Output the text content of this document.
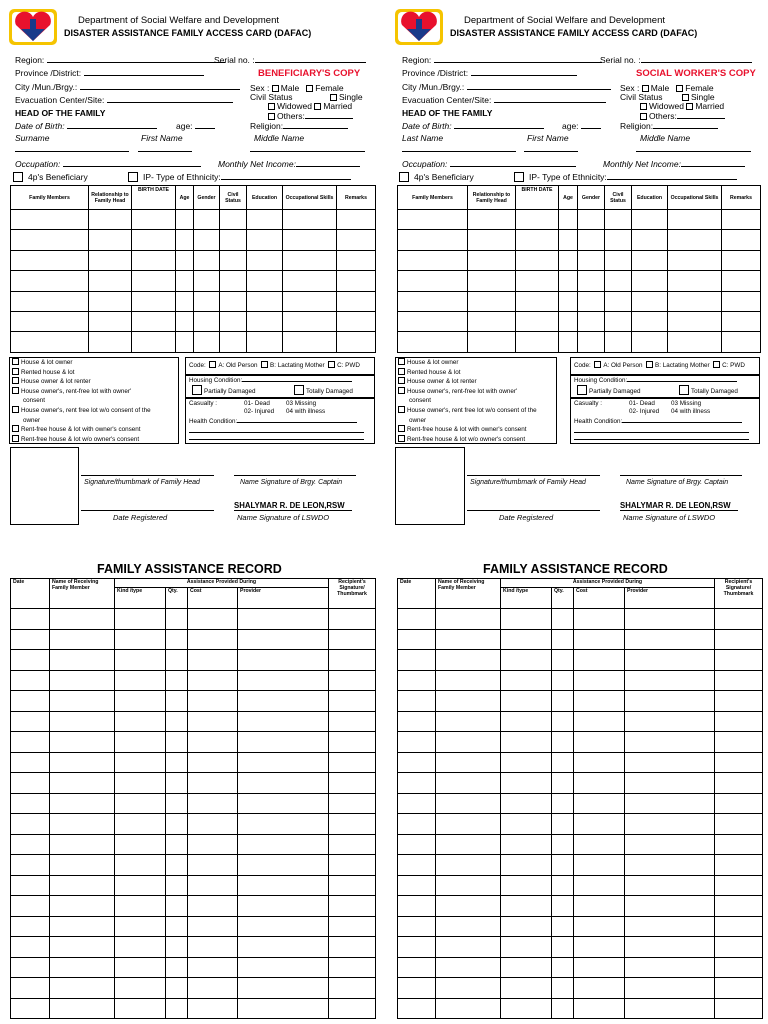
Department of Social Welfare and Development
DISASTER ASSISTANCE FAMILY ACCESS CARD (DAFAC)
Region:	Serial no. :
BENEFICIARY'S COPY
Province /District:
City /Mun./Brgy.:
Evacuation Center/Site:
Sex : Male Female
Civil Status	Single
Widowed Married
Others:
HEAD OF THE FAMILY
Date of Birth:	age:	Religion:
Surname	First Name	Middle Name
Occupation:	Monthly Net Income:
4p's Beneficiary	IP- Type of Ethnicity:
Family Members	Relationship to Family Head	BIRTH DATE	Age	Gender	Civil Status	Education	Occupational Skills	Remarks

House & lot owner
Rented house & lot
House owner & lot renter
House owner's, rent-free lot with owner'
consent
House owner's, rent free lot w/o consent of the
owner
Rent-free house & lot with owner's consent
Rent-free house & lot w/o owner's consent
Code: A: Old Person B: Lactating Mother C: PWD
Housing Condition:
Partially Damaged	Totally Damaged
Casualty :	01- Dead	03 Missing
02- Injured 04 with illness
Health Condition:
Signature/thumbmark of Family Head	Name Signature of Brgy. Captain
SHALYMAR R. DE LEON,RSW
Date Registered	Name Signature of LSWDO
FAMILY ASSISTANCE RECORD
Date	Name of Receiving Family Member	Assistance Provided During				Recipient's Signature/ Thumbmark
		Kind /type	Qty.	Cost	Provider	

Department of Social Welfare and Development
DISASTER ASSISTANCE FAMILY ACCESS CARD (DAFAC)
Region:	Serial no. :
SOCIAL WORKER'S COPY
Province /District:
City /Mun./Brgy.:
Evacuation Center/Site:
Sex : Male Female
Civil Status	Single
Widowed Married
Others:
HEAD OF THE FAMILY
Date of Birth:	age:	Religion:
Last Name	First Name	Middle Name
Occupation:	Monthly Net Income:
4p's Beneficiary	IP- Type of Ethnicity:
Family Members	Relationship to Family Head	BIRTH DATE	Age	Gender	Civil Status	Education	Occupational Skills	Remarks

House & lot owner
Rented house & lot
House owner & lot renter
House owner's, rent-free lot with owner'
consent
House owner's, rent free lot w/o consent of the
owner
Rent-free house & lot with owner's consent
Rent-free house & lot w/o owner's consent
Code: A: Old Person B: Lactating Mother C: PWD
Housing Condition:
Partially Damaged	Totally Damaged
Casualty :	01- Dead	03 Missing
02- Injured 04 with illness
Health Condition:
Signature/thumbmark of Family Head	Name Signature of Brgy. Captain
SHALYMAR R. DE LEON,RSW
Date Registered	Name Signature of LSWDO
FAMILY ASSISTANCE RECORD
Date	Name of Receiving Family Member	Assistance Provided During				Recipient's Signature/ Thumbmark
		Kind /type	Qty.	Cost	Provider	
